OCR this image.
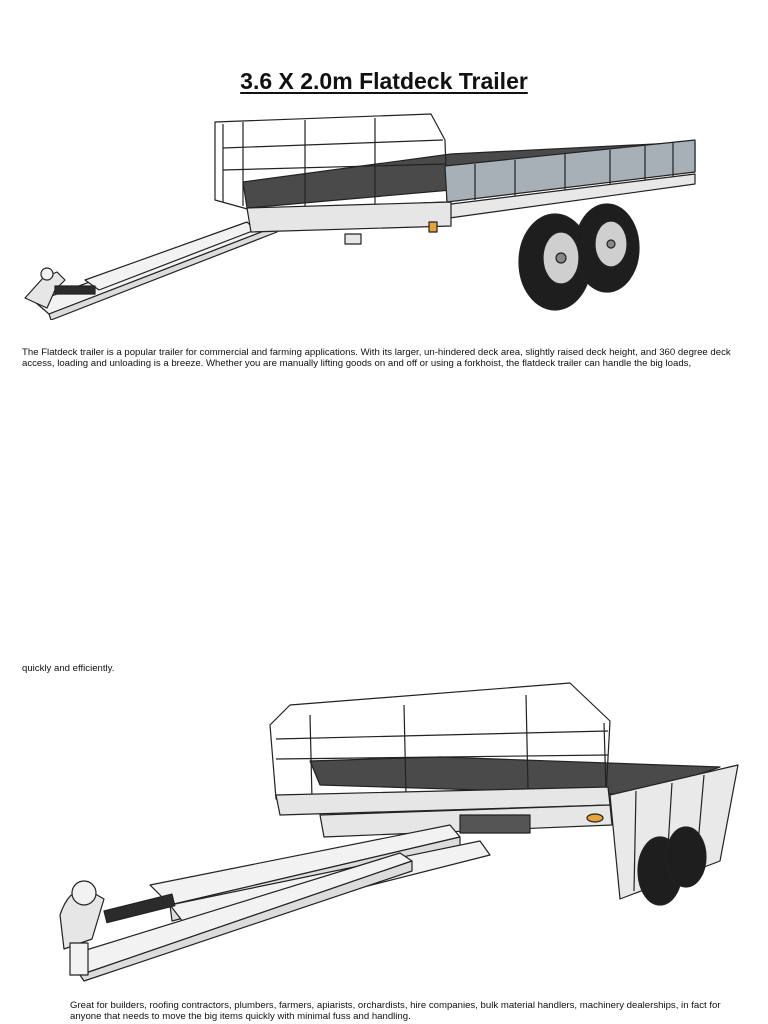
3.6 X 2.0m Flatdeck Trailer

The Flatdeck trailer is a popular trailer for commercial and farming applications. With its larger, un-hindered deck area, slightly raised deck height, and 360 degree deck access, loading and unloading is a breeze. Whether you are manually lifting goods on and off or using a forkhoist, the flatdeck trailer can handle the big loads,

quickly and efficiently.

Great for builders, roofing contractors, plumbers, farmers, apiarists, orchardists, hire companies, bulk material handlers, machinery dealerships, in fact for anyone that needs to move the big items quickly with minimal fuss and handling.
